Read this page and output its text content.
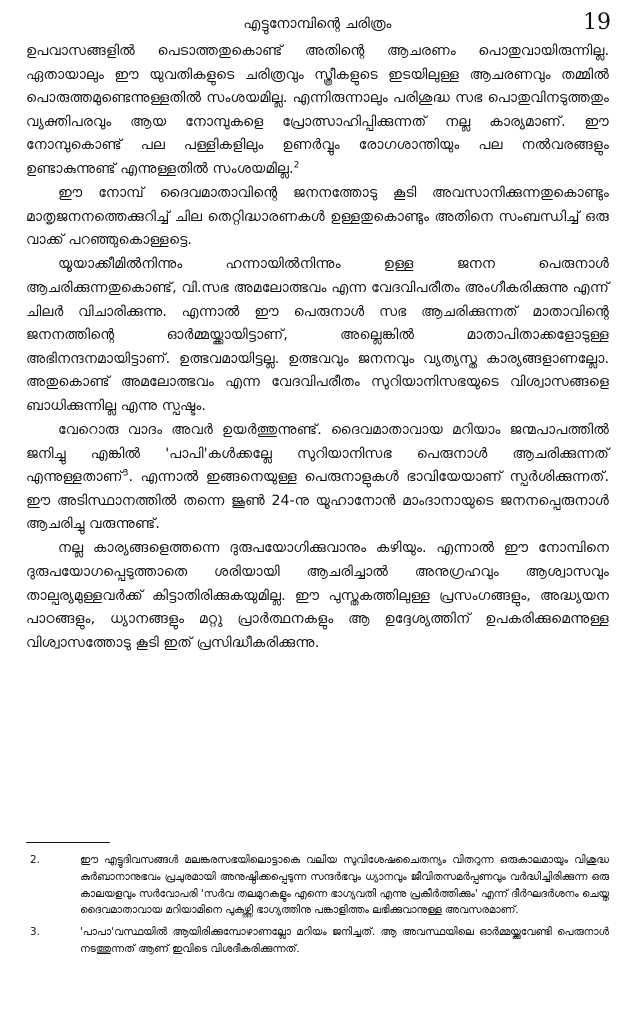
എട്ടുനോമ്പിന്റെ ചരിത്രം	19

ഉപവാസങ്ങളിൽ പെടാത്തതുകൊണ്ട് അതിന്റെ ആചരണം പൊതുവായിരുന്നില്ല. ഏതായാലും ഈ യുവതികളുടെ ചരിത്രവും സ്ത്രീകളുടെ ഇടയിലുള്ള ആചരണവും തമ്മിൽ പൊരുത്തമുണ്ടെന്നുള്ളതിൽ സംശയമില്ല. എന്നിരുന്നാലും പരിശുദ്ധ സഭ പൊതുവിനടുത്തതും വ്യക്തിപരവും ആയ നോമ്പുകളെ പ്രോത്സാഹിപ്പിക്കുന്നത് നല്ല കാര്യമാണ്. ഈ നോമ്പുകൊണ്ട് പല പള്ളികളിലും ഉണർവ്വും രോഗശാന്തിയും പല നൽവരങ്ങളും ഉണ്ടാകുന്നുണ്ട് എന്നുള്ളതിൽ സംശയമില്ല.$^2$

ഈ നോമ്പ് ദൈവമാതാവിന്റെ ജനനത്തോടു കൂടി അവസാനിക്കുന്നതുകൊണ്ടും മാതൃജനനത്തെക്കുറിച്ച് ചില തെറ്റിദ്ധാരണകൾ ഉള്ളതുകൊണ്ടും അതിനെ സംബന്ധിച്ച് ഒരു വാക്ക് പറഞ്ഞുകൊള്ളട്ടെ.

യൂയാക്കീമിൽനിന്നും ഹന്നായിൽനിന്നും ഉള്ള ജനന പെരുനാൾ ആചരിക്കുന്നതുകൊണ്ട്, വി.സഭ അമലോത്ഭവം എന്ന വേദവിപരീതം അംഗീകരിക്കുന്നു എന്ന് ചിലർ വിചാരിക്കുന്നു. എന്നാൽ ഈ പെരുനാൾ സഭ ആചരിക്കുന്നത് മാതാവിന്റെ ജനനത്തിന്റെ ഓർമ്മയ്ക്കായിട്ടാണ്, അല്ലെങ്കിൽ മാതാപിതാക്കളോടുള്ള അഭിനന്ദനമായിട്ടാണ്. ഉത്ഭവമായിട്ടല്ല. ഉത്ഭവവും ജനനവും വ്യത്യസ്ത കാര്യങ്ങളാണല്ലോ. അതുകൊണ്ട് അമലോത്ഭവം എന്ന വേദവിപരീതം സുറിയാനിസഭയുടെ വിശ്വാസങ്ങളെ ബാധിക്കുന്നില്ല എന്നു സ്പഷ്ടം.

വേറൊരു വാദം അവർ ഉയർത്തുന്നുണ്ട്. ദൈവമാതാവായ മറിയാം ജന്മപാപത്തിൽ ജനിച്ചു എങ്കിൽ 'പാപി'കൾക്കല്ലേ സുറിയാനിസഭ പെരുനാൾ ആചരിക്കുന്നത് എന്നുള്ളതാണ്$^3$. എന്നാൽ ഇങ്ങനെയുള്ള പെരുനാളുകൾ ഭാവിയേയാണ് സ്പർശിക്കുന്നത്. ഈ അടിസ്ഥാനത്തിൽ തന്നെ ജൂൺ 24-നു യൂഹാനോൻ മാംദാനായുടെ ജനനപ്പെരുനാൾ ആചരിച്ചു വരുന്നുണ്ട്.

നല്ല കാര്യങ്ങളെത്തന്നെ ദുരുപയോഗിക്കുവാനും കഴിയും. എന്നാൽ ഈ നോമ്പിനെ ദുരുപയോഗപ്പെടുത്താതെ ശരിയായി ആചരിച്ചാൽ അനുഗ്രഹവും ആശ്വാസവും താല്പര്യമുള്ളവർക്ക് കിട്ടാതിരിക്കുകയുമില്ല. ഈ പുസ്തകത്തിലുള്ള പ്രസംഗങ്ങളും, അദ്ധ്യയന പാഠങ്ങളും, ധ്യാനങ്ങളും മറ്റു പ്രാർത്ഥനകളും ആ ഉദ്ദേശ്യത്തിന് ഉപകരിക്കുമെന്നുള്ള വിശ്വാസത്തോടു കൂടി ഇത് പ്രസിദ്ധീകരിക്കുന്നു.

2.	ഈ എട്ടുദിവസങ്ങൾ മലങ്കരസഭയിലൊട്ടാകെ വലിയ സുവിശേഷചൈതന്യം വിതറുന്ന ഒരുകാലമായും വിശുദ്ധ കുർബാനാനുഭവം പ്രചുരമായി അനുഷ്ഠിക്കപ്പെടുന്ന സന്ദർഭവും ധ്യാനവും ജീവിതസമർപ്പണവും വർദ്ധിച്ചിരിക്കുന്ന ഒരു കാലയളവും സർവോപരി 'സർവ തലമുറകളും എന്നെ ഭാഗ്യവതി എന്നു പ്രകീർത്തിക്കും' എന്ന് ദീർഘദർശനം ചെയ്ത ദൈവമാതാവായ മറിയാമിനെ പുകഴ്ത്തി ഭാഗ്യത്തിനു പങ്കാളിത്തം ലഭിക്കുവാനുള്ള അവസരമാണ്.
3.	'പാപാ'വസ്ഥയിൽ ആയിരിക്കുമ്പോഴാണല്ലോ മറിയം ജനിച്ചത്. ആ അവസ്ഥയിലെ ഓർമ്മയ്ക്കുവേണ്ടി പെരുനാൾ നടത്തുന്നത് ആണ് ഇവിടെ വിശദീകരിക്കുന്നത്.
